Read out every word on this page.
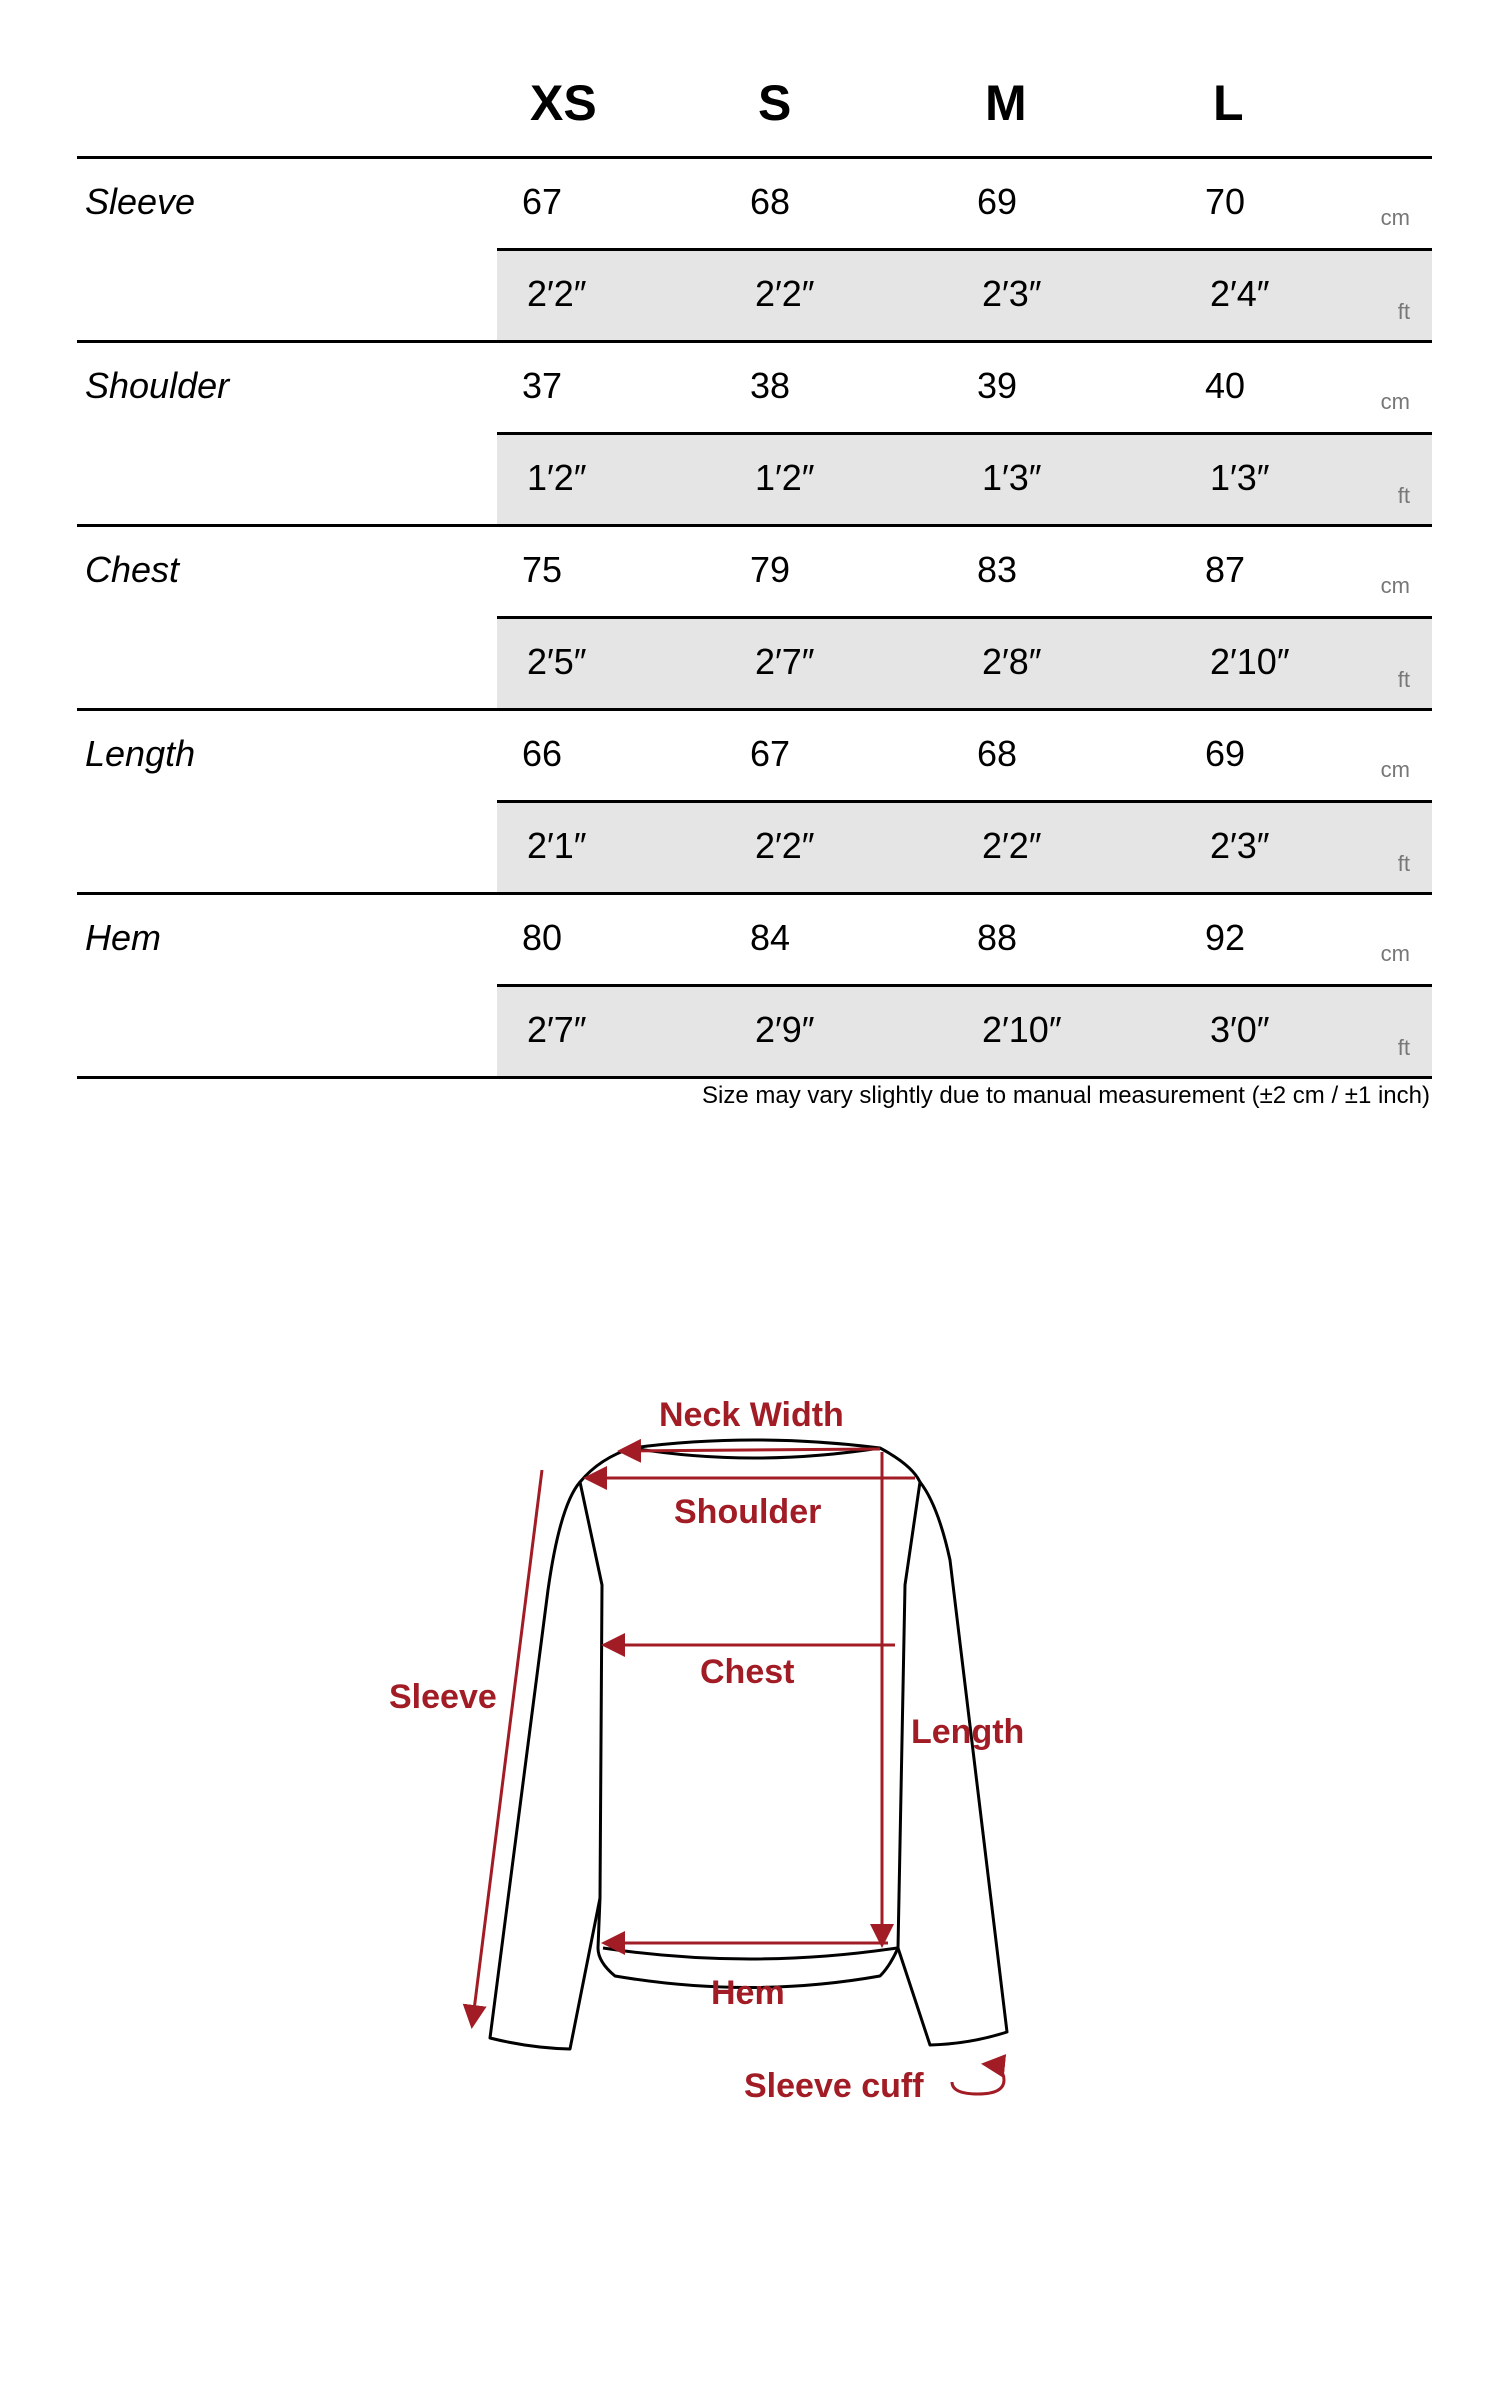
XS	S	M	L
Sleeve	67	68	69	70	cm
2′2″	2′2″	2′3″	2′4″	ft
Shoulder	37	38	39	40	cm
1′2″	1′2″	1′3″	1′3″	ft
Chest	75	79	83	87	cm
2′5″	2′7″	2′8″	2′10″	ft
Length	66	67	68	69	cm
2′1″	2′2″	2′2″	2′3″	ft
Hem	80	84	88	92	cm
2′7″	2′9″	2′10″	3′0″	ft
Size may vary slightly due to manual measurement (±2 cm / ±1 inch)
Neck Width
Shoulder
Chest
Sleeve
Length
Hem
Sleeve cuff
